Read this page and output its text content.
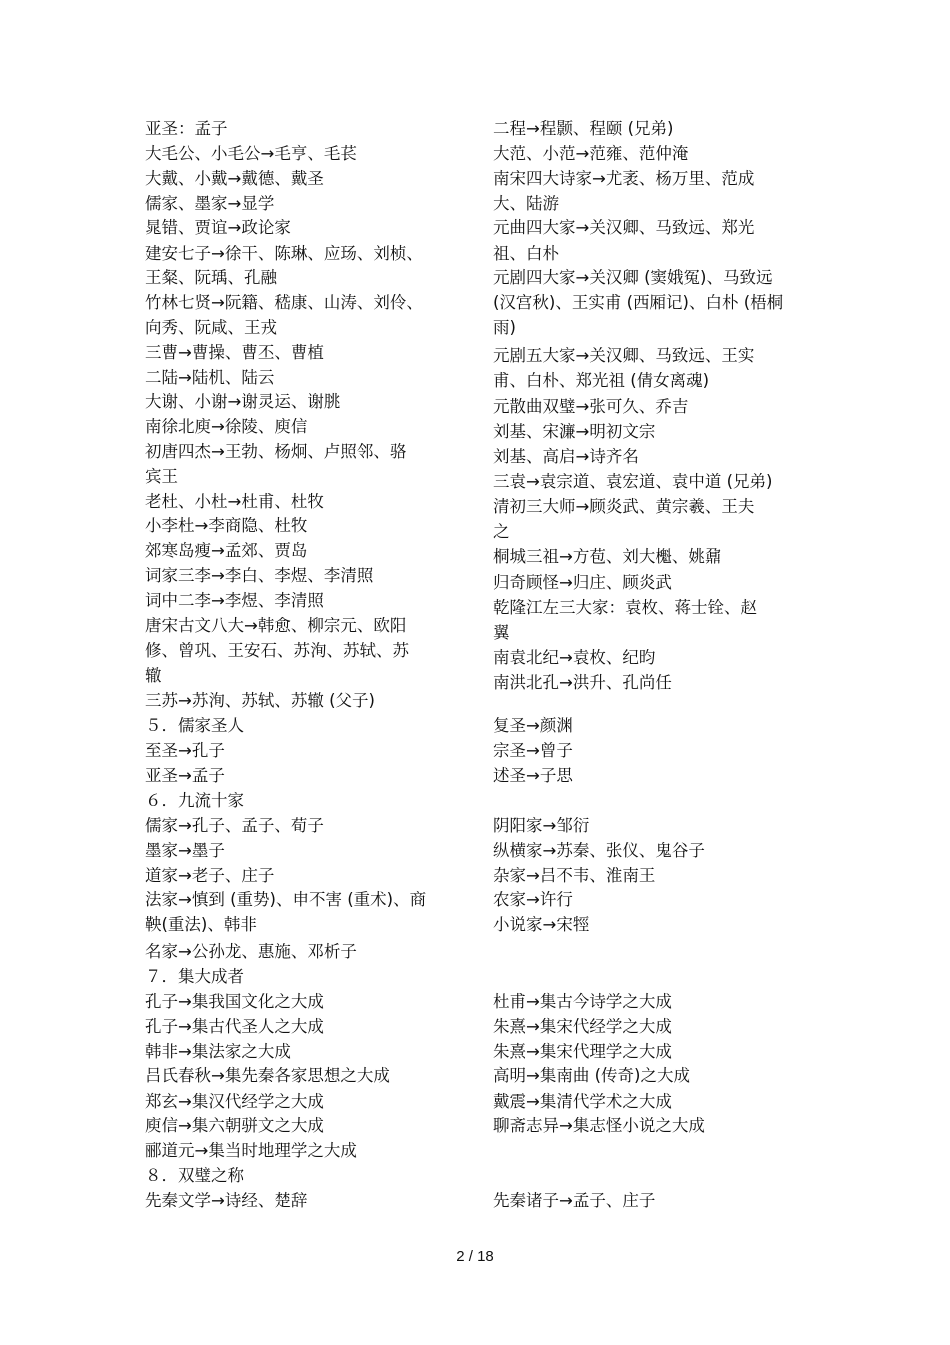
亚圣：孟子
大毛公、小毛公→毛亨、毛苌
大戴、小戴→戴德、戴圣
儒家、墨家→显学
晁错、贾谊→政论家
建安七子→徐干、陈琳、应玚、刘桢、
王粲、阮瑀、孔融
竹林七贤→阮籍、嵇康、山涛、刘伶、
向秀、阮咸、王戎
三曹→曹操、曹丕、曹植
二陆→陆机、陆云
大谢、小谢→谢灵运、谢朓
南徐北庾→徐陵、庾信
初唐四杰→王勃、杨炯、卢照邻、骆
宾王
老杜、小杜→杜甫、杜牧
小李杜→李商隐、杜牧
郊寒岛瘦→孟郊、贾岛
词家三李→李白、李煜、李清照
词中二李→李煜、李清照
唐宋古文八大→韩愈、柳宗元、欧阳
修、曾巩、王安石、苏洵、苏轼、苏
辙
三苏→苏洵、苏轼、苏辙 (父子)
二程→程颢、程颐 (兄弟)
大范、小范→范雍、范仲淹
南宋四大诗家→尤袤、杨万里、范成
大、陆游
元曲四大家→关汉卿、马致远、郑光
祖、白朴
元剧四大家→关汉卿 (窦娥冤)、马致远
(汉宫秋)、王实甫 (西厢记)、白朴 (梧桐
雨)
元剧五大家→关汉卿、马致远、王实
甫、白朴、郑光祖 (倩女离魂)
元散曲双璧→张可久、乔吉
刘基、宋濂→明初文宗
刘基、高启→诗齐名
三袁→袁宗道、袁宏道、袁中道 (兄弟)
清初三大师→顾炎武、黄宗羲、王夫
之
桐城三祖→方苞、刘大櫆、姚鼐
归奇顾怪→归庄、顾炎武
乾隆江左三大家：袁枚、蒋士铨、赵
翼
南袁北纪→袁枚、纪昀
南洪北孔→洪升、孔尚任
５．儒家圣人
至圣→孔子
亚圣→孟子
复圣→颜渊
宗圣→曾子
述圣→子思
６．九流十家
儒家→孔子、孟子、荀子
墨家→墨子
道家→老子、庄子
法家→慎到 (重势)、申不害 (重术)、商
鞅(重法)、韩非
名家→公孙龙、惠施、邓析子
阴阳家→邹衍
纵横家→苏秦、张仪、鬼谷子
杂家→吕不韦、淮南王
农家→许行
小说家→宋牼
７．集大成者
孔子→集我国文化之大成
孔子→集古代圣人之大成
韩非→集法家之大成
吕氏春秋→集先秦各家思想之大成
郑玄→集汉代经学之大成
庾信→集六朝骈文之大成
郦道元→集当时地理学之大成
杜甫→集古今诗学之大成
朱熹→集宋代经学之大成
朱熹→集宋代理学之大成
高明→集南曲 (传奇)之大成
戴震→集清代学术之大成
聊斋志异→集志怪小说之大成
８．双璧之称
先秦文学→诗经、楚辞	先秦诸子→孟子、庄子
2 / 18
